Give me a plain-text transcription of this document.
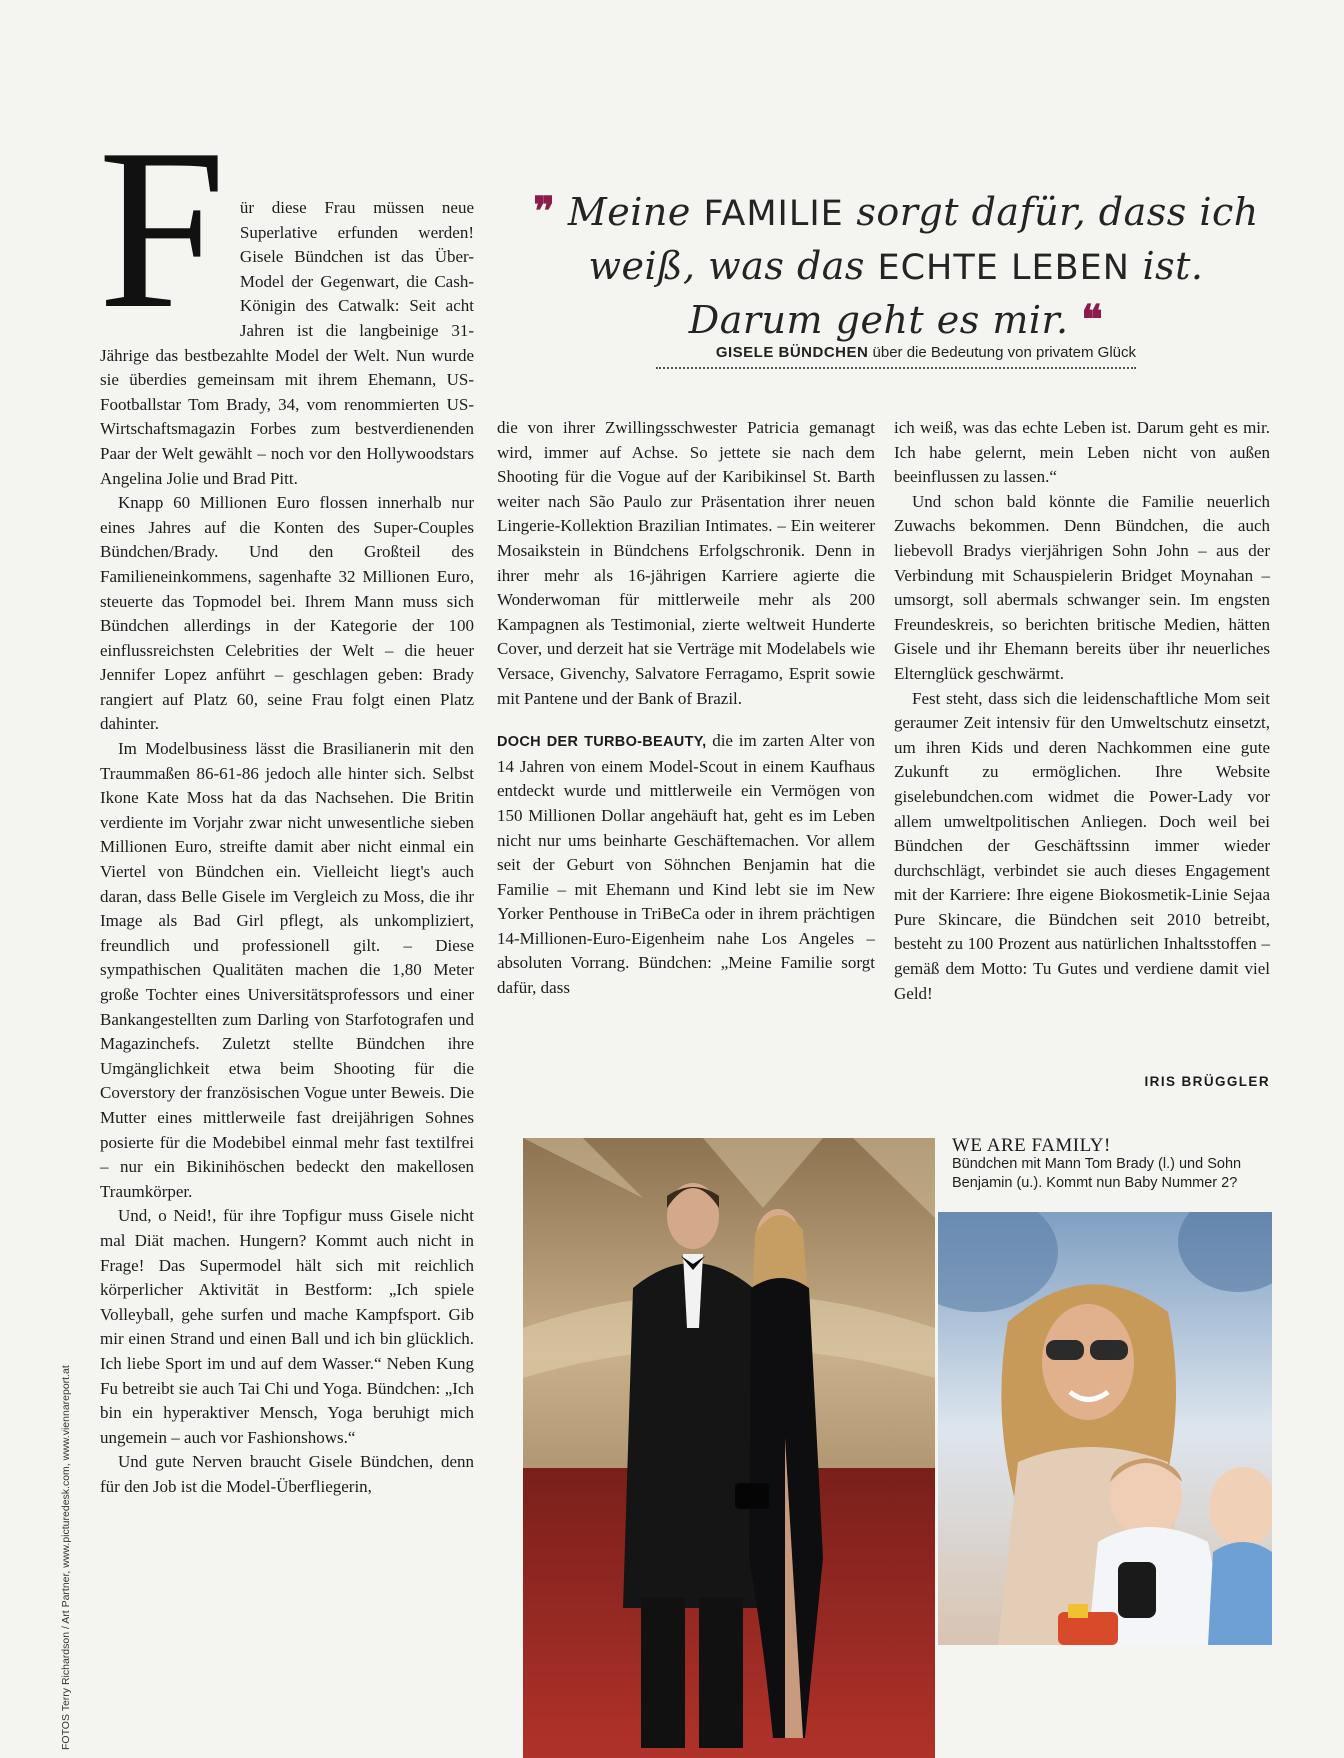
❞ Meine FAMILIE sorgt dafür, dass ich weiß, was das ECHTE LEBEN ist. Darum geht es mir. ❝
GISELE BÜNDCHEN über die Bedeutung von privatem Glück
F	ür diese Frau müssen neue Superlative erfunden werden! Gisele Bündchen ist das Über-Model der Gegenwart, die Cash-Königin des Catwalk: Seit acht Jahren ist die langbeinige 31-Jährige das bestbezahlte Model der Welt. Nun wurde sie überdies gemeinsam mit ihrem Ehemann, US-Footballstar Tom Brady, 34, vom renommierten US-Wirtschaftsmagazin Forbes zum bestverdienenden Paar der Welt gewählt – noch vor den Hollywoodstars Angelina Jolie und Brad Pitt.

Knapp 60 Millionen Euro flossen innerhalb nur eines Jahres auf die Konten des Super-Couples Bündchen/Brady. Und den Großteil des Familieneinkommens, sagenhafte 32 Millionen Euro, steuerte das Topmodel bei. Ihrem Mann muss sich Bündchen allerdings in der Kategorie der 100 einflussreichsten Celebrities der Welt – die heuer Jennifer Lopez anführt – geschlagen geben: Brady rangiert auf Platz 60, seine Frau folgt einen Platz dahinter.

Im Modelbusiness lässt die Brasilianerin mit den Traummaßen 86-61-86 jedoch alle hinter sich. Selbst Ikone Kate Moss hat da das Nachsehen. Die Britin verdiente im Vorjahr zwar nicht unwesentliche sieben Millionen Euro, streifte damit aber nicht einmal ein Viertel von Bündchen ein. Vielleicht liegt's auch daran, dass Belle Gisele im Vergleich zu Moss, die ihr Image als Bad Girl pflegt, als unkompliziert, freundlich und professionell gilt. – Diese sympathischen Qualitäten machen die 1,80 Meter große Tochter eines Universitätsprofessors und einer Bankangestellten zum Darling von Starfotografen und Magazinchefs. Zuletzt stellte Bündchen ihre Umgänglichkeit etwa beim Shooting für die Coverstory der französischen Vogue unter Beweis. Die Mutter eines mittlerweile fast dreijährigen Sohnes posierte für die Modebibel einmal mehr fast textilfrei – nur ein Bikinihöschen bedeckt den makellosen Traumkörper.

Und, o Neid!, für ihre Topfigur muss Gisele nicht mal Diät machen. Hungern? Kommt auch nicht in Frage! Das Supermodel hält sich mit reichlich körperlicher Aktivität in Bestform: „Ich spiele Volleyball, gehe surfen und mache Kampfsport. Gib mir einen Strand und einen Ball und ich bin glücklich. Ich liebe Sport im und auf dem Wasser.“ Neben Kung Fu betreibt sie auch Tai Chi und Yoga. Bündchen: „Ich bin ein hyperaktiver Mensch, Yoga beruhigt mich ungemein – auch vor Fashionshows.“

Und gute Nerven braucht Gisele Bündchen, denn für den Job ist die Model-Überfliegerin,

die von ihrer Zwillingsschwester Patricia gemanagt wird, immer auf Achse. So jettete sie nach dem Shooting für die Vogue auf der Karibikinsel St. Barth weiter nach São Paulo zur Präsentation ihrer neuen Lingerie-Kollektion Brazilian Intimates. – Ein weiterer Mosaikstein in Bündchens Erfolgschronik. Denn in ihrer mehr als 16-jährigen Karriere agierte die Wonderwoman für mittlerweile mehr als 200 Kampagnen als Testimonial, zierte weltweit Hunderte Cover, und derzeit hat sie Verträge mit Modelabels wie Versace, Givenchy, Salvatore Ferragamo, Esprit sowie mit Pantene und der Bank of Brazil.

DOCH DER TURBO-BEAUTY, die im zarten Alter von 14 Jahren von einem Model-Scout in einem Kaufhaus entdeckt wurde und mittlerweile ein Vermögen von 150 Millionen Dollar angehäuft hat, geht es im Leben nicht nur ums beinharte Geschäftemachen. Vor allem seit der Geburt von Söhnchen Benjamin hat die Familie – mit Ehemann und Kind lebt sie im New Yorker Penthouse in TriBeCa oder in ihrem prächtigen 14-Millionen-Euro-Eigenheim nahe Los Angeles – absoluten Vorrang. Bündchen: „Meine Familie sorgt dafür, dass

ich weiß, was das echte Leben ist. Darum geht es mir. Ich habe gelernt, mein Leben nicht von außen beeinflussen zu lassen.“

Und schon bald könnte die Familie neuerlich Zuwachs bekommen. Denn Bündchen, die auch liebevoll Bradys vierjährigen Sohn John – aus der Verbindung mit Schauspielerin Bridget Moynahan – umsorgt, soll abermals schwanger sein. Im engsten Freundeskreis, so berichten britische Medien, hätten Gisele und ihr Ehemann bereits über ihr neuerliches Elternglück geschwärmt.

Fest steht, dass sich die leidenschaftliche Mom seit geraumer Zeit intensiv für den Umweltschutz einsetzt, um ihren Kids und deren Nachkommen eine gute Zukunft zu ermöglichen. Ihre Website giselebundchen.com widmet die Power-Lady vor allem umweltpolitischen Anliegen. Doch weil bei Bündchen der Geschäftssinn immer wieder durchschlägt, verbindet sie auch dieses Engagement mit der Karriere: Ihre eigene Biokosmetik-Linie Sejaa Pure Skincare, die Bündchen seit 2010 betreibt, besteht zu 100 Prozent aus natürlichen Inhaltsstoffen – gemäß dem Motto: Tu Gutes und verdiene damit viel Geld!

IRIS BRÜGGLER
WE ARE FAMILY!
Bündchen mit Mann Tom Brady (l.) und Sohn Benjamin (u.). Kommt nun Baby Nummer 2?
FOTOS Terry Richardson / Art Partner, www.picturedesk.com, www.viennareport.at
